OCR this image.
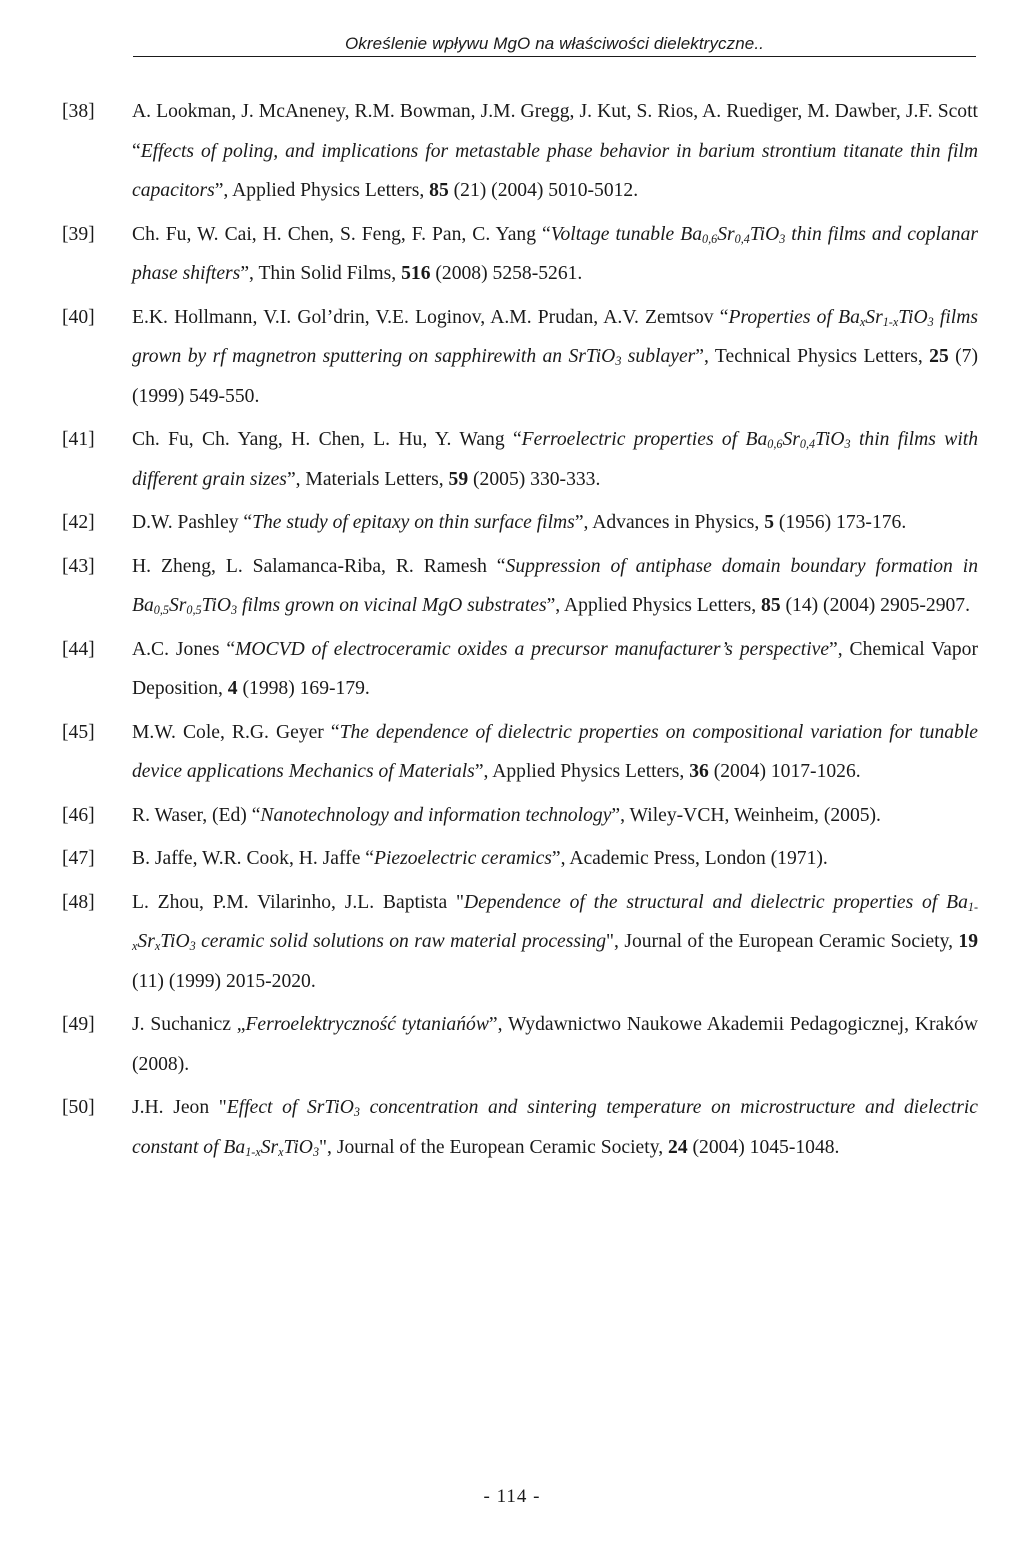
Określenie wpływu MgO na właściwości dielektryczne..
[38]	A. Lookman, J. McAneney, R.M. Bowman, J.M. Gregg, J. Kut, S. Rios, A. Ruediger, M. Dawber, J.F. Scott “Effects of poling, and implications for metastable phase behavior in barium strontium titanate thin film capacitors”, Applied Physics Letters, 85 (21) (2004) 5010-5012.
[39]	Ch. Fu, W. Cai, H. Chen, S. Feng, F. Pan, C. Yang “Voltage tunable $Ba_{0,6}Sr_{0,4}TiO_3$ thin films and coplanar phase shifters”, Thin Solid Films, 516 (2008) 5258-5261.
[40]	E.K. Hollmann, V.I. Gol’drin, V.E. Loginov, A.M. Prudan, A.V. Zemtsov “Properties of $Ba_xSr_{1-x}TiO_3$ films grown by rf magnetron sputtering on sapphirewith an SrTiO$_3$ sublayer”, Technical Physics Letters, 25 (7) (1999) 549-550.
[41]	Ch. Fu, Ch. Yang, H. Chen, L. Hu, Y. Wang “Ferroelectric properties of $Ba_{0,6}Sr_{0,4}TiO_3$ thin films with different grain sizes”, Materials Letters, 59 (2005) 330-333.
[42]	D.W. Pashley “The study of epitaxy on thin surface films”, Advances in Physics, 5 (1956) 173-176.
[43]	H. Zheng, L. Salamanca-Riba, R. Ramesh “Suppression of antiphase domain boundary formation in $Ba_{0,5}Sr_{0,5}TiO_3$ films grown on vicinal MgO substrates”, Applied Physics Letters, 85 (14) (2004) 2905-2907.
[44]	A.C. Jones “MOCVD of electroceramic oxides a precursor manufacturer’s perspective”, Chemical Vapor Deposition, 4 (1998) 169-179.
[45]	M.W. Cole, R.G. Geyer “The dependence of dielectric properties on compositional variation for tunable device applications Mechanics of Materials”, Applied Physics Letters, 36 (2004) 1017-1026.
[46]	R. Waser, (Ed) “Nanotechnology and information technology”, Wiley-VCH, Weinheim, (2005).
[47]	B. Jaffe, W.R. Cook, H. Jaffe “Piezoelectric ceramics”, Academic Press, London (1971).
[48]	L. Zhou, P.M. Vilarinho, J.L. Baptista "Dependence of the structural and dielectric properties of $Ba_{1-x}Sr_xTiO_3$ ceramic solid solutions on raw material processing", Journal of the European Ceramic Society, 19 (11) (1999) 2015-2020.
[49]	J. Suchanicz „Ferroelektryczność tytaniańów”, Wydawnictwo Naukowe Akademii Pedagogicznej, Kraków (2008).
[50]	J.H. Jeon "Effect of SrTiO$_3$ concentration and sintering temperature on microstructure and dielectric constant of $Ba_{1-x}Sr_xTiO_3$", Journal of the European Ceramic Society, 24 (2004) 1045-1048.
- 114 -
